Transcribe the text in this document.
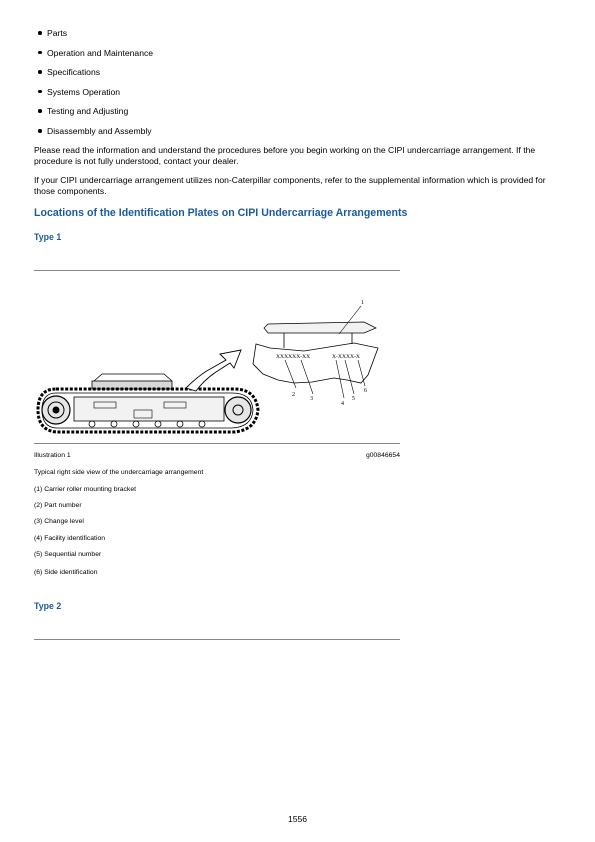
Parts
Operation and Maintenance
Specifications
Systems Operation
Testing and Adjusting
Disassembly and Assembly

Please read the information and understand the procedures before you begin working on the CIPI undercarriage arrangement. If the procedure is not fully understood, contact your dealer.

If your CIPI undercarriage arrangement utilizes non-Caterpillar components, refer to the supplemental information which is provided for those components.

Locations of the Identification Plates on CIPI Undercarriage Arrangements
Type 1
XXXXXX-XX	X-XXXX-X
1
2
3
4
5
6
Illustration 1	g00846654

Typical right side view of the undercarriage arrangement

(1) Carrier roller mounting bracket

(2) Part number

(3) Change level

(4) Facility identification

(5) Sequential number

(6) Side identification

Type 2
1556
